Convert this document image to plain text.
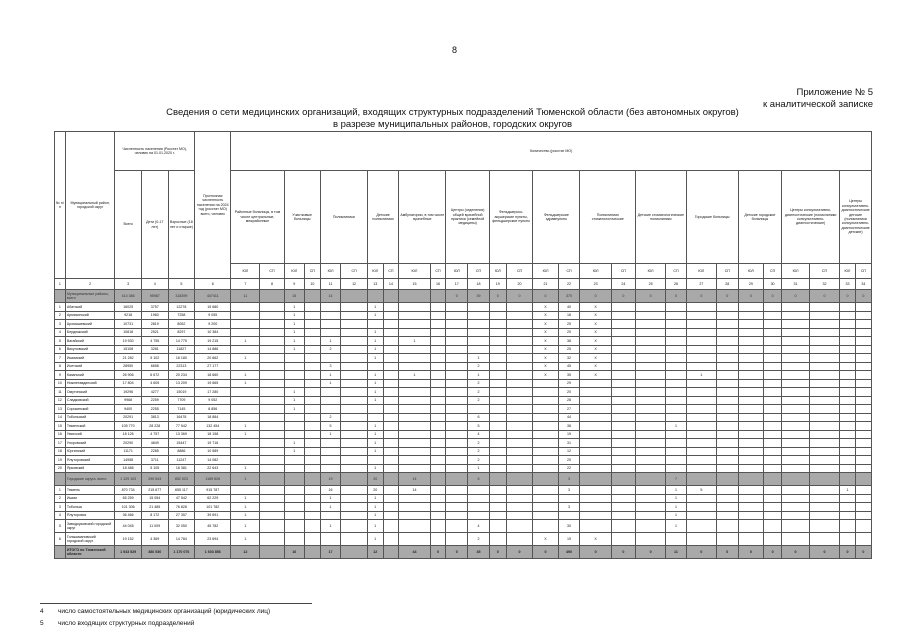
8
Приложение № 5
к аналитической записке
Сведения о сети медицинских организаций, входящих структурных подразделений Тюменской области (без автономных округов)
в разрезе муниципальных районов, городских округов
№ п/п	Муниципальный район, городской округ	Численность населения (Росстат МО), человек на 01.01.2020 г.			Прогнозная численность населения на 2024 год (росстат МО) всего, человек	Количество (росстат МО)																											
		Всего	Дети (0-17 лет)	Взрослые (18 лет и старше)		Районные больницы, в том числе центральные, межрайонные		Участковые больницы		Поликлиники		Детские поликлиники		Амбулатории, в том числе врачебные		Центры (отделения) общей врачебной практики (семейной медицины)		Фельдшерско-акушерские пункты, фельдшерские пункты		Фельдшерские здравпункты		Поликлиники стоматологические		Детские стоматологические поликлиники		Городские больницы		Детские городские больницы		Центры консультативно-диагностические (поликлиники консультативно-диагностические)		Центры консультативно-диагностические детские (поликлиники консультативно-диагностические детские)	
						ЮЛ	СП	ЮЛ	СП	ЮЛ	СП	ЮЛ	СП	ЮЛ	СП	ЮЛ	СП	ЮЛ	СП	ЮЛ	СП	ЮЛ	СП	ЮЛ	СП	ЮЛ	СП	ЮЛ	СП	ЮЛ	СП	ЮЛ	СП
1	2	3	4	5	6	7	8	9	10	11	12	13	14	15	16	17	18	19	20	21	22	23	24	25	26	27	28	29	30	31	32	33	34
	Муниципальные районы, всего	414 386	95987	318399	407411	11		15		14						0	39	0	0	0	370	0	0	0	0	0	0	0	0	0	0	0	0
1	Абатский	16025	3757	12278	15 680			1				1								X	40	X											
2	Армизонский	9218	1960	7258	9 055			1				1								X	18	X											
3	Аромашевский	10731	2819	8052	9 200			1												X	25	X											
4	Бердюжский	10818	2521	8297	10 384			1				1								X	20	X											
5	Вагайский	19 530	4 755	14 775	19 215	1		1		1		1		1						X	38	X											
6	Викуловский	15108	3281	11827	14 886			1		2		1								X	25	X											
7	Ишимский	21 282	5 102	16 180	20 662	1						1					1			X	32	X											
8	Исетский	28950	6658	22313	27 177					3							2			X	45	X											
9	Казанский	26 906	6 672	20 234	18 660	1				1		1		1			1			X	35	X				1							
10	Нижнетавдинский	17 804	4 605	13 209	19 665	1				1		1					2				29												
11	Омутинский	19296	4277	15019	17 280			1				1					2				20												
12	Сладковский	9968	2259	7709	9 052			1				1					2				28												
13	Сорокинский	9400	2255	7145	8 856			1													27												
14	Тобольский	20291	3813	16478	18 884					2							6				44												
15	Тюменский	105 770	28 228	77 542	132 454	1				5		1					5				38				1								
16	Уватский	18 126	4 757	13 369	18 158	1				1		1					4				19												
17	Упоровский	20290	4849	15447	19 716			1				1					2				31												
18	Юргинский	11171	2285	8886	10 589			1				1					2				12												
19	Ялуторовский	14958	3711	11247	14 082												2				20												
20	Ярковский	18 486	5 105	16 381	22 643	1						1					1				22												
	Городские округа, всего	1 129 103	290 543	852 023	1189 626	1				19		20		14			5				3				7								
1	Тюмень	870 734	215 677	655 117	915 787					16		20		14							3				1	5						1	
2	Ишим	65 259	15 054	47 542	62 229	1				1		1													1								
3	Тобольск	101 306	21 485	76 828	101 782	1				1		1									3				1								
4	Ялуторовск	36 466	8 172	27 357	39 691	1						1													1								
5	Заводоуковский городской округ	44 045	11 009	32 050	45 782	1				1		1					4				30				1								
6	Голышмановский городской округ	19 152	4 369	14 784	23 694	1						1					2			X	19	X											
	ИТОГО по Тюменской области	1 543 529	386 530	1 170 076	1 603 856	12		16		17		12		44	0	0	45	0	0	0	490	0	0	0	11	0	0	0	0	0	0	0	0
4 число самостоятельных медицинских организаций (юридических лиц)
5 число входящих структурных подразделений
